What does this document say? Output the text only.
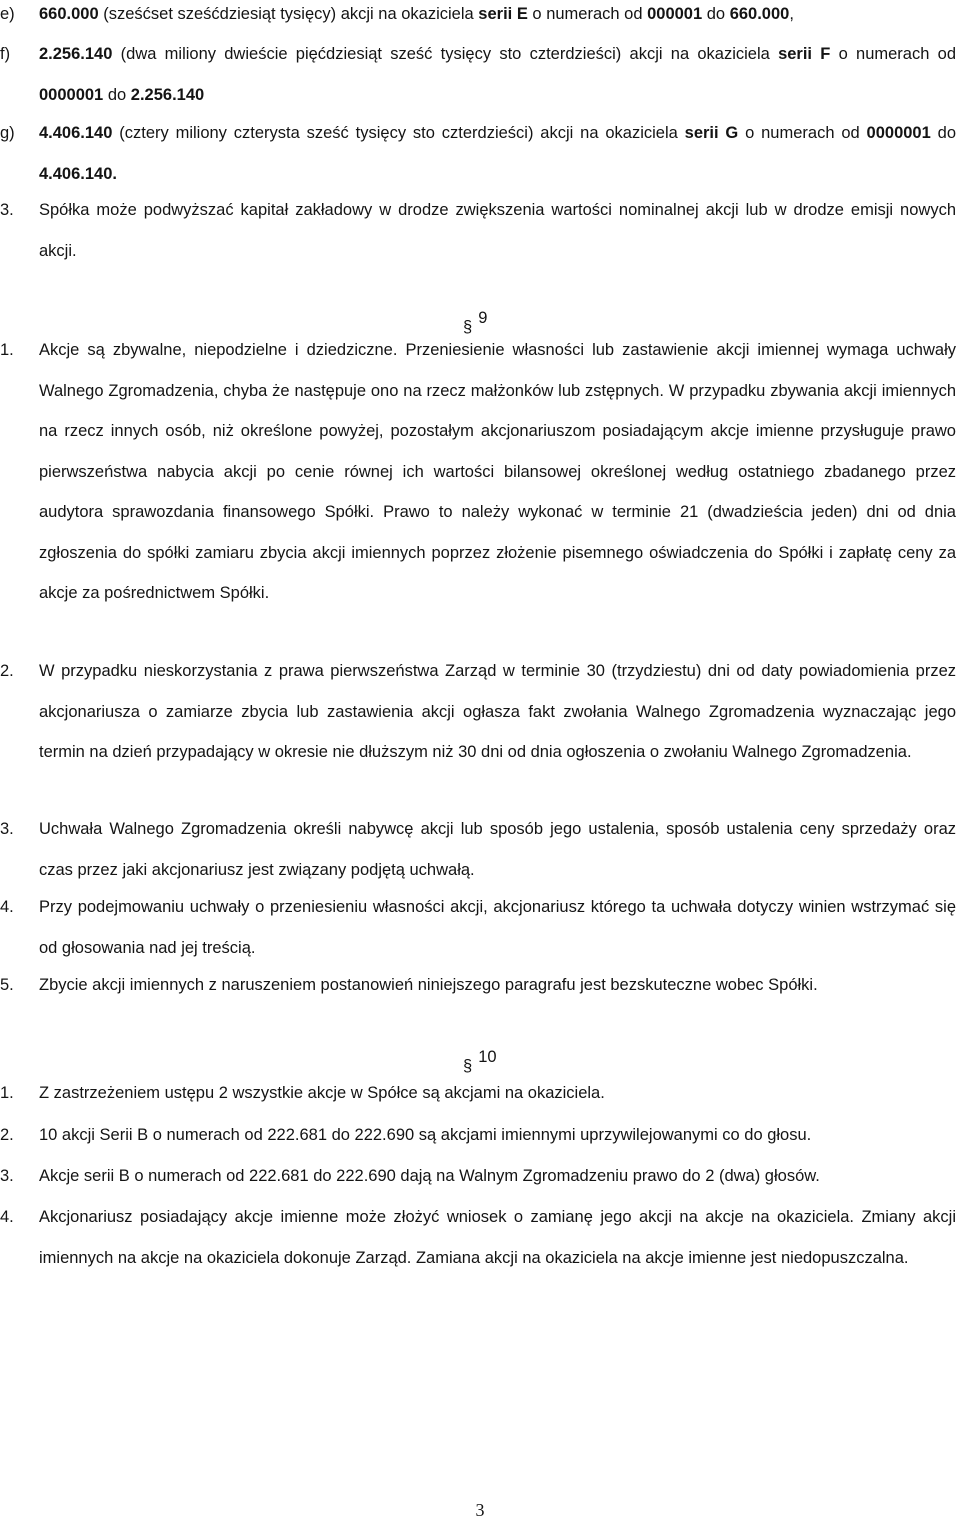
e) 660.000 (sześćset sześćdziesiąt tysięcy) akcji na okaziciela serii E o numerach od 000001 do 660.000,
f) 2.256.140 (dwa miliony dwieście pięćdziesiąt sześć tysięcy sto czterdzieści) akcji na okaziciela serii F o numerach od 0000001 do 2.256.140
g) 4.406.140 (cztery miliony czterysta sześć tysięcy sto czterdzieści) akcji na okaziciela serii G o numerach od 0000001 do 4.406.140.
3. Spółka może podwyższać kapitał zakładowy w drodze zwiększenia wartości nominalnej akcji lub w drodze emisji nowych akcji.
§ 9
1. Akcje są zbywalne, niepodzielne i dziedziczne. Przeniesienie własności lub zastawienie akcji imiennej wymaga uchwały Walnego Zgromadzenia, chyba że następuje ono na rzecz małżonków lub zstępnych. W przypadku zbywania akcji imiennych na rzecz innych osób, niż określone powyżej, pozostałym akcjonariuszom posiadającym akcje imienne przysługuje prawo pierwszeństwa nabycia akcji po cenie równej ich wartości bilansowej określonej według ostatniego zbadanego przez audytora sprawozdania finansowego Spółki. Prawo to należy wykonać w terminie 21 (dwadzieścia jeden) dni od dnia zgłoszenia do spółki zamiaru zbycia akcji imiennych poprzez złożenie pisemnego oświadczenia do Spółki i zapłatę ceny za akcje za pośrednictwem Spółki.
2. W przypadku nieskorzystania z prawa pierwszeństwa Zarząd w terminie 30 (trzydziestu) dni od daty powiadomienia przez akcjonariusza o zamiarze zbycia lub zastawienia akcji ogłasza fakt zwołania Walnego Zgromadzenia wyznaczając jego termin na dzień przypadający w okresie nie dłuższym niż 30 dni od dnia ogłoszenia o zwołaniu Walnego Zgromadzenia.
3. Uchwała Walnego Zgromadzenia określi nabywcę akcji lub sposób jego ustalenia, sposób ustalenia ceny sprzedaży oraz czas przez jaki akcjonariusz jest związany podjętą uchwałą.
4. Przy podejmowaniu uchwały o przeniesieniu własności akcji, akcjonariusz którego ta uchwała dotyczy winien wstrzymać się od głosowania nad jej treścią.
5. Zbycie akcji imiennych z naruszeniem postanowień niniejszego paragrafu jest bezskuteczne wobec Spółki.
§ 10
1. Z zastrzeżeniem ustępu 2 wszystkie akcje w Spółce są akcjami na okaziciela.
2. 10 akcji Serii B o numerach od 222.681 do 222.690 są akcjami imiennymi uprzywilejowanymi co do głosu.
3. Akcje serii B o numerach od 222.681 do 222.690 dają na Walnym Zgromadzeniu prawo do 2 (dwa) głosów.
4. Akcjonariusz posiadający akcje imienne może złożyć wniosek o zamianę jego akcji na akcje na okaziciela. Zmiany akcji imiennych na akcje na okaziciela dokonuje Zarząd. Zamiana akcji na okaziciela na akcje imienne jest niedopuszczalna.
3
